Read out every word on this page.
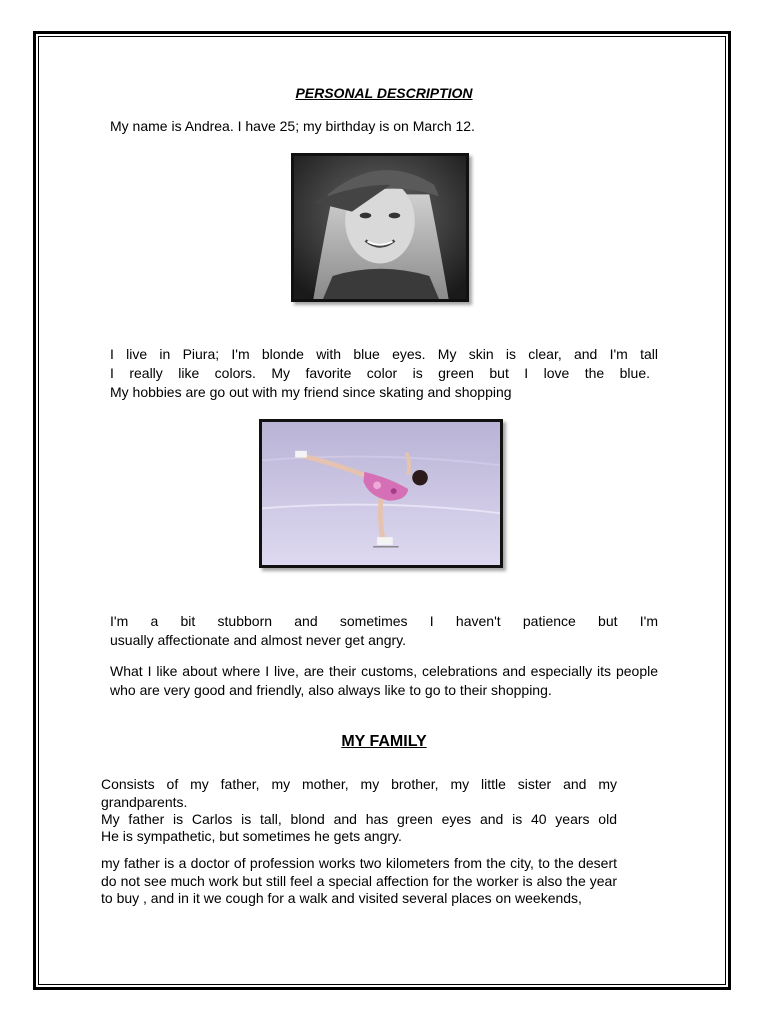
PERSONAL DESCRIPTION
My name is Andrea. I have 25; my birthday is on March 12.
I live in Piura; I'm blonde with blue eyes. My skin is clear, and I'm tall
I really like colors. My favorite color is green but I love the blue.
My hobbies are go out with my friend since skating and shopping
I'm a bit stubborn and sometimes I haven't patience but I'm
usually affectionate and almost never get angry.
What I like about where I live, are their customs, celebrations and especially its people who are very good and friendly, also always like to go to their shopping.
MY FAMILY
Consists of my father, my mother, my brother, my little sister and my
grandparents.
My father is Carlos is tall, blond and has green eyes and is 40 years old
He is sympathetic, but sometimes he gets angry.
my father is a doctor of profession works two kilometers from the city, to the desert do not see much work but still feel a special affection for the worker is also the year to buy , and in it we cough for a walk and visited several places on weekends,
